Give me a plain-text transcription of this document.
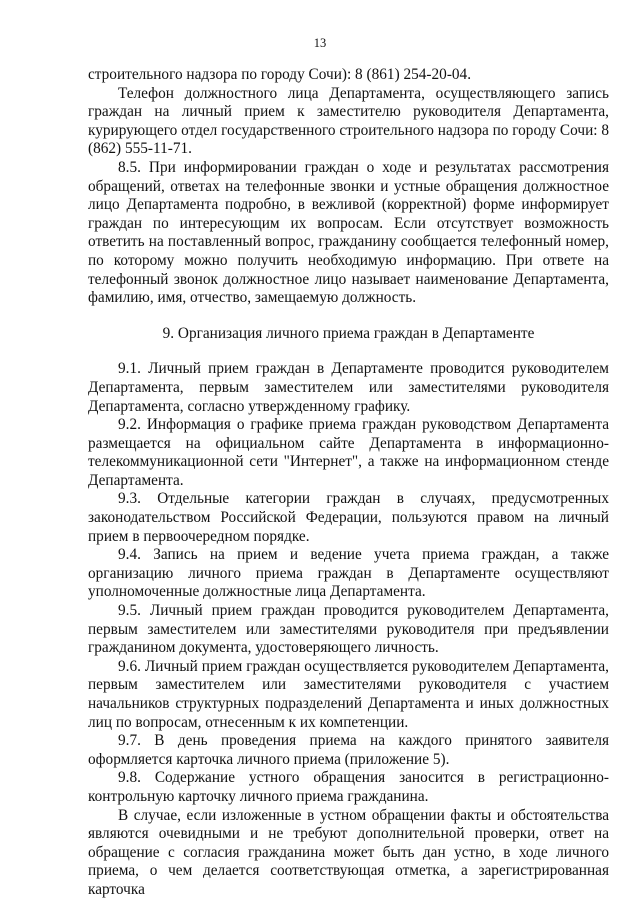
13

строительного надзора по городу Сочи): 8 (861) 254-20-04.

Телефон должностного лица Департамента, осуществляющего запись граждан на личный прием к заместителю руководителя Департамента, курирующего отдел государственного строительного надзора по городу Сочи: 8 (862) 555-11-71.

8.5. При информировании граждан о ходе и результатах рассмотрения обращений, ответах на телефонные звонки и устные обращения должностное лицо Департамента подробно, в вежливой (корректной) форме информирует граждан по интересующим их вопросам. Если отсутствует возможность ответить на поставленный вопрос, гражданину сообщается телефонный номер, по которому можно получить необходимую информацию. При ответе на телефонный звонок должностное лицо называет наименование Департамента, фамилию, имя, отчество, замещаемую должность.

9. Организация личного приема граждан в Департаменте

9.1. Личный прием граждан в Департаменте проводится руководителем Департамента, первым заместителем или заместителями руководителя Департамента, согласно утвержденному графику.

9.2. Информация о графике приема граждан руководством Департамента размещается на официальном сайте Департамента в информационно-телекоммуникационной сети "Интернет", а также на информационном стенде Департамента.

9.3. Отдельные категории граждан в случаях, предусмотренных законодательством Российской Федерации, пользуются правом на личный прием в первоочередном порядке.

9.4. Запись на прием и ведение учета приема граждан, а также организацию личного приема граждан в Департаменте осуществляют уполномоченные должностные лица Департамента.

9.5. Личный прием граждан проводится руководителем Департамента, первым заместителем или заместителями руководителя при предъявлении гражданином документа, удостоверяющего личность.

9.6. Личный прием граждан осуществляется руководителем Департамента, первым заместителем или заместителями руководителя с участием начальников структурных подразделений Департамента и иных должностных лиц по вопросам, отнесенным к их компетенции.

9.7. В день проведения приема на каждого принятого заявителя оформляется карточка личного приема (приложение 5).

9.8. Содержание устного обращения заносится в регистрационно-контрольную карточку личного приема гражданина.

В случае, если изложенные в устном обращении факты и обстоятельства являются очевидными и не требуют дополнительной проверки, ответ на обращение с согласия гражданина может быть дан устно, в ходе личного приема, о чем делается соответствующая отметка, а зарегистрированная карточка
